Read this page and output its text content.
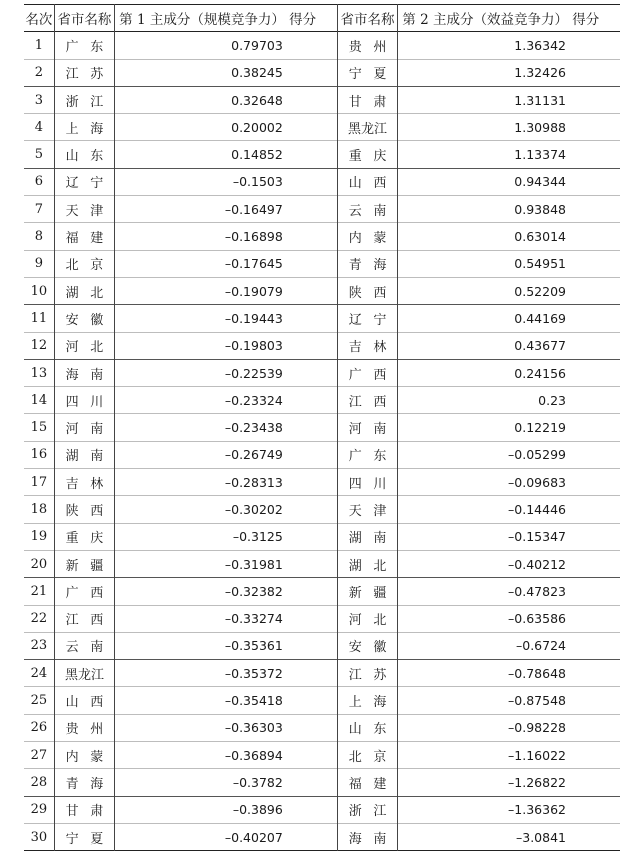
名次	省市名称	第 1 主成分（规模竞争力） 得分	省市名称	第 2 主成分（效益竞争力） 得分
1	广东	0.79703	贵州	1.36342
2	江苏	0.38245	宁夏	1.32426
3	浙江	0.32648	甘肃	1.31131
4	上海	0.20002	黑龙江	1.30988
5	山东	0.14852	重庆	1.13374
6	辽宁	–0.1503	山西	0.94344
7	天津	–0.16497	云南	0.93848
8	福建	–0.16898	内蒙	0.63014
9	北京	–0.17645	青海	0.54951
10	湖北	–0.19079	陕西	0.52209
11	安徽	–0.19443	辽宁	0.44169
12	河北	–0.19803	吉林	0.43677
13	海南	–0.22539	广西	0.24156
14	四川	–0.23324	江西	0.23
15	河南	–0.23438	河南	0.12219
16	湖南	–0.26749	广东	–0.05299
17	吉林	–0.28313	四川	–0.09683
18	陕西	–0.30202	天津	–0.14446
19	重庆	–0.3125	湖南	–0.15347
20	新疆	–0.31981	湖北	–0.40212
21	广西	–0.32382	新疆	–0.47823
22	江西	–0.33274	河北	–0.63586
23	云南	–0.35361	安徽	–0.6724
24	黑龙江	–0.35372	江苏	–0.78648
25	山西	–0.35418	上海	–0.87548
26	贵州	–0.36303	山东	–0.98228
27	内蒙	–0.36894	北京	–1.16022
28	青海	–0.3782	福建	–1.26822
29	甘肃	–0.3896	浙江	–1.36362
30	宁夏	–0.40207	海南	–3.0841
